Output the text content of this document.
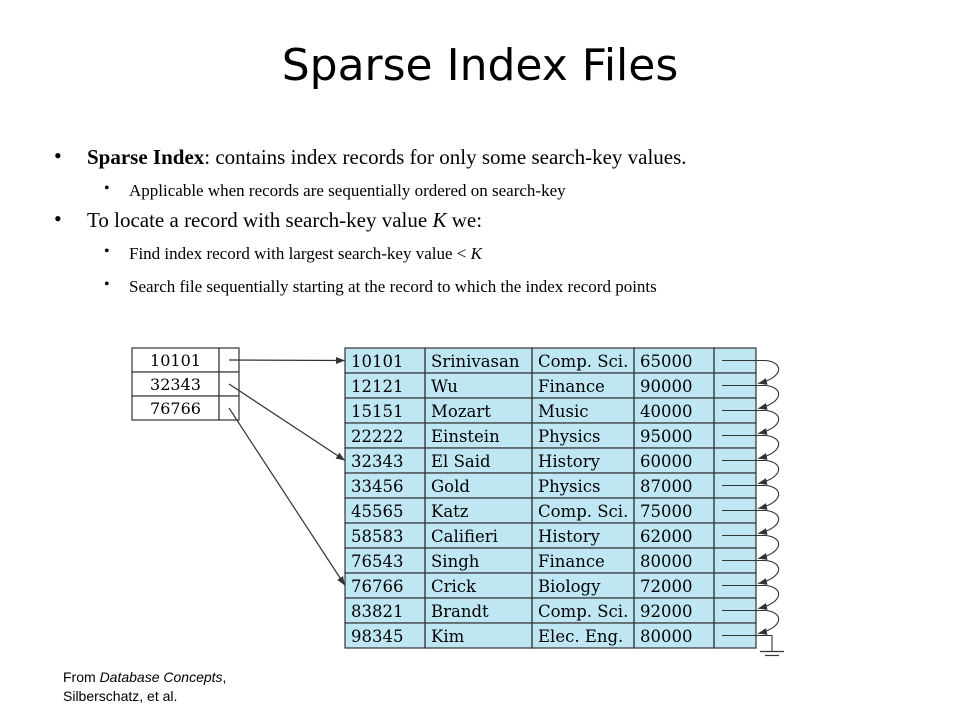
Sparse Index Files
• Sparse Index: contains index records for only some search-key values.
• Applicable when records are sequentially ordered on search-key
• To locate a record with search-key value K we:
• Find index record with largest search-key value < K
• Search file sequentially starting at the record to which the index record points
10101
32343
76766
10101 Srinivasan Comp. Sci. 65000
12121 Wu	Finance 90000
15151 Mozart	Music	40000
22222 Einstein Physics 95000
32343 El Said	History 60000
33456 Gold	Physics 87000
45565 Katz	Comp. Sci. 75000
58583 Califieri History 62000
76543 Singh	Finance 80000
76766 Crick	Biology 72000
83821 Brandt	Comp. Sci. 92000
98345 Kim	Elec. Eng. 80000
From Database Concepts,
Silberschatz, et al.
